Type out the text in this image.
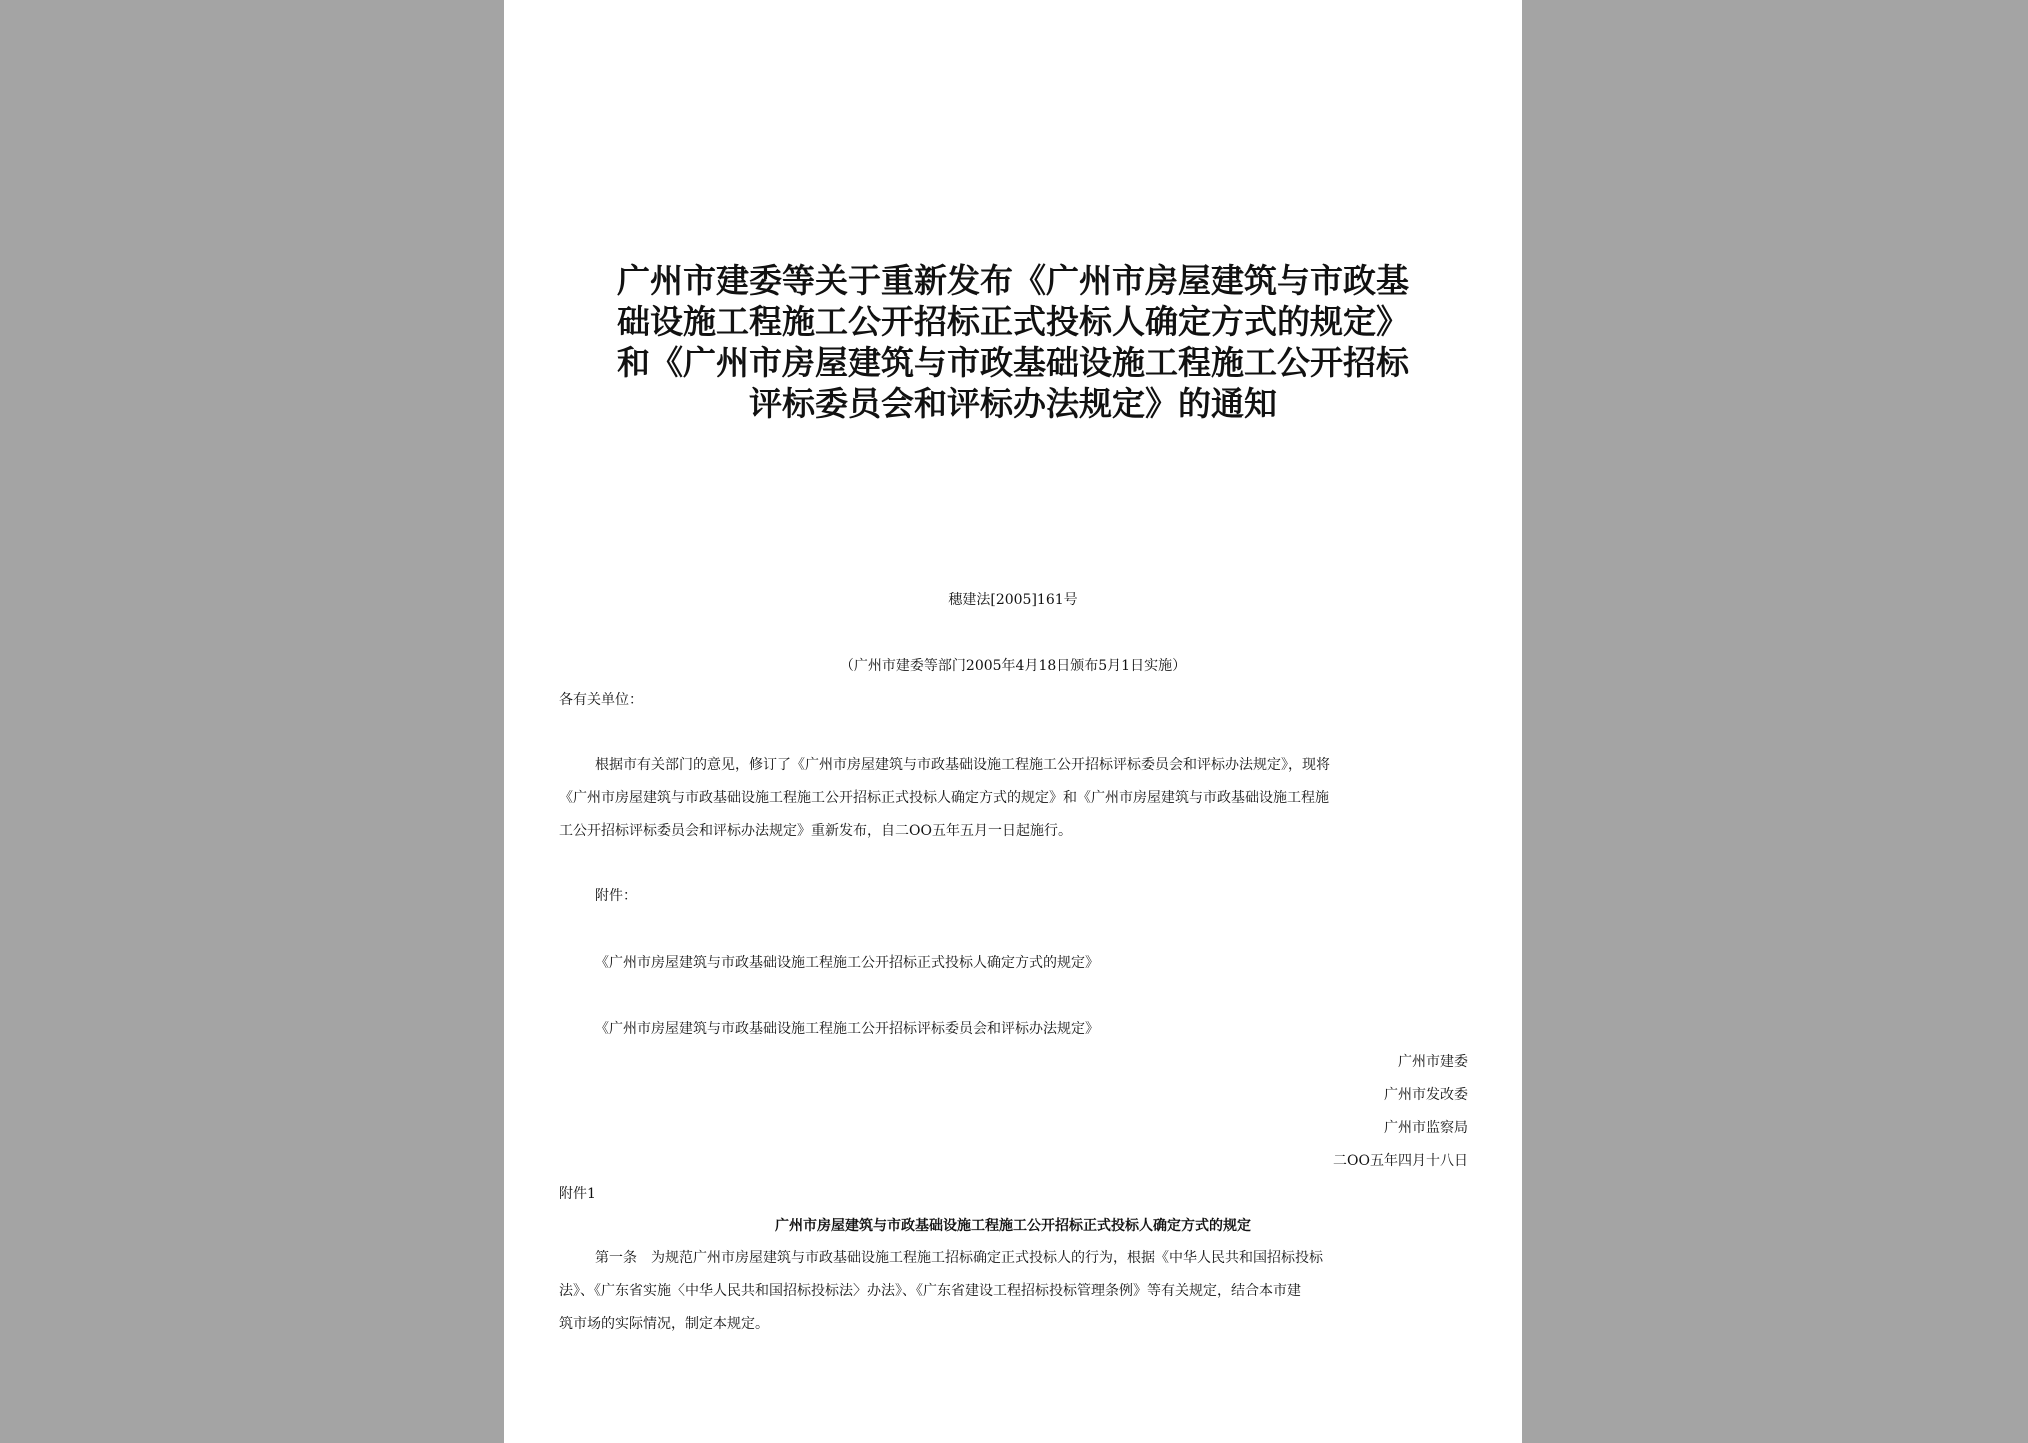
广州市建委等关于重新发布《广州市房屋建筑与市政基
础设施工程施工公开招标正式投标人确定方式的规定》
和《广州市房屋建筑与市政基础设施工程施工公开招标
评标委员会和评标办法规定》的通知
穗建法[2005]161号
（广州市建委等部门2005年4月18日颁布5月1日实施）
各有关单位：
根据市有关部门的意见，修订了《广州市房屋建筑与市政基础设施工程施工公开招标评标委员会和评标办法规定》，现将
《广州市房屋建筑与市政基础设施工程施工公开招标正式投标人确定方式的规定》和《广州市房屋建筑与市政基础设施工程施
工公开招标评标委员会和评标办法规定》重新发布，自二OO五年五月一日起施行。
附件：
《广州市房屋建筑与市政基础设施工程施工公开招标正式投标人确定方式的规定》
《广州市房屋建筑与市政基础设施工程施工公开招标评标委员会和评标办法规定》
广州市建委
广州市发改委
广州市监察局
二OO五年四月十八日
附件1
广州市房屋建筑与市政基础设施工程施工公开招标正式投标人确定方式的规定
第一条　为规范广州市房屋建筑与市政基础设施工程施工招标确定正式投标人的行为，根据《中华人民共和国招标投标
法》、《广东省实施〈中华人民共和国招标投标法〉办法》、《广东省建设工程招标投标管理条例》等有关规定，结合本市建
筑市场的实际情况，制定本规定。
